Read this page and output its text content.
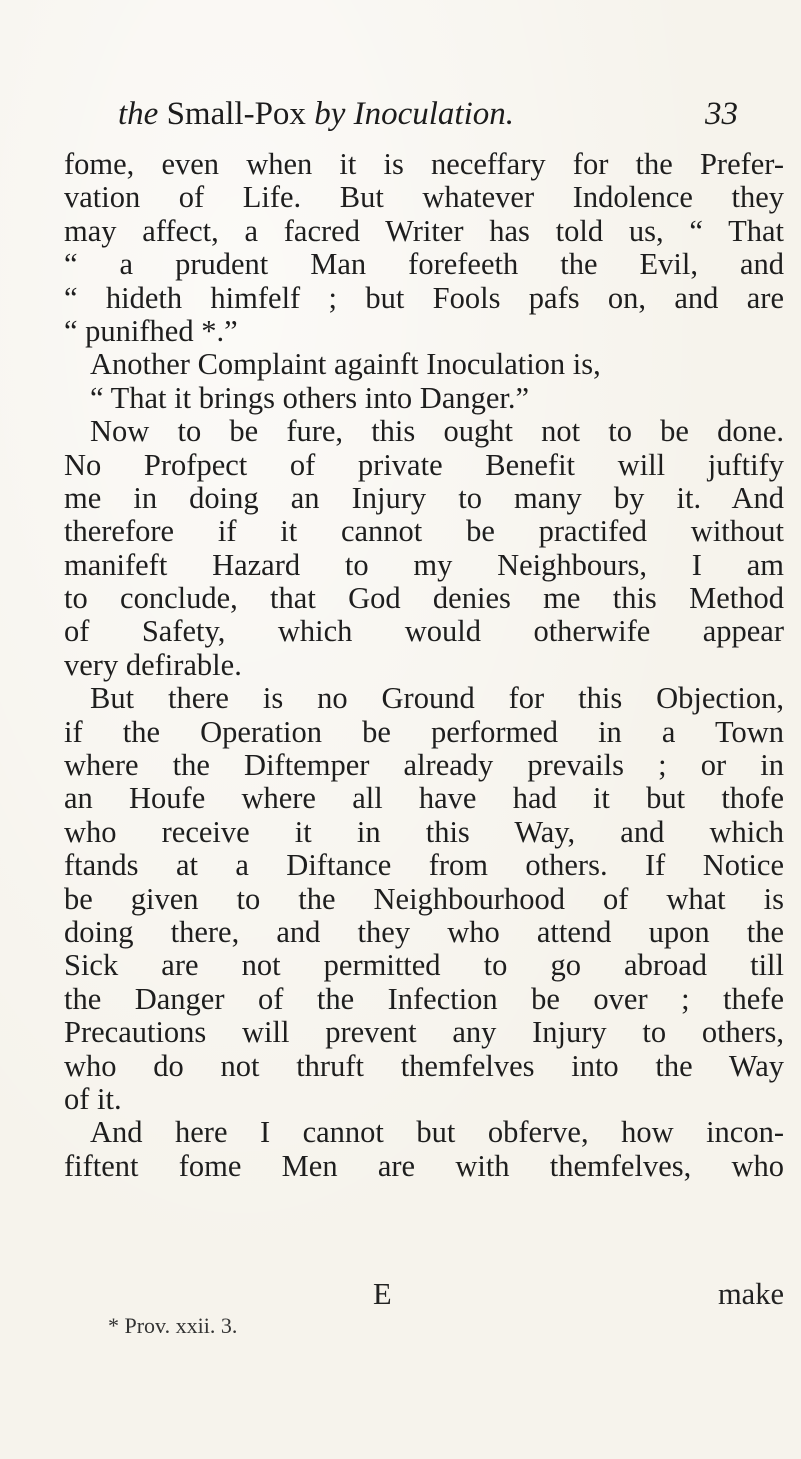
the Small-Pox by Inoculation.	33
fome, even when it is neceffary for the Prefer-
vation of Life. But whatever Indolence they
may affect, a facred Writer has told us, “ That
“ a prudent Man forefeeth the Evil, and
“ hideth himfelf ; but Fools pafs on, and are
“ punifhed *.”
Another Complaint againft Inoculation is,
“ That it brings others into Danger.”
Now to be fure, this ought not to be done.
No Profpect of private Benefit will juftify
me in doing an Injury to many by it. And
therefore if it cannot be practifed without
manifeft Hazard to my Neighbours, I am
to conclude, that God denies me this Method
of Safety, which would otherwife appear
very defirable.
But there is no Ground for this Objection,
if the Operation be performed in a Town
where the Diftemper already prevails ; or in
an Houfe where all have had it but thofe
who receive it in this Way, and which
ftands at a Diftance from others. If Notice
be given to the Neighbourhood of what is
doing there, and they who attend upon the
Sick are not permitted to go abroad till
the Danger of the Infection be over ; thefe
Precautions will prevent any Injury to others,
who do not thruft themfelves into the Way
of it.
And here I cannot but obferve, how incon-
fiftent fome Men are with themfelves, who
E	make
* Prov. xxii. 3.
